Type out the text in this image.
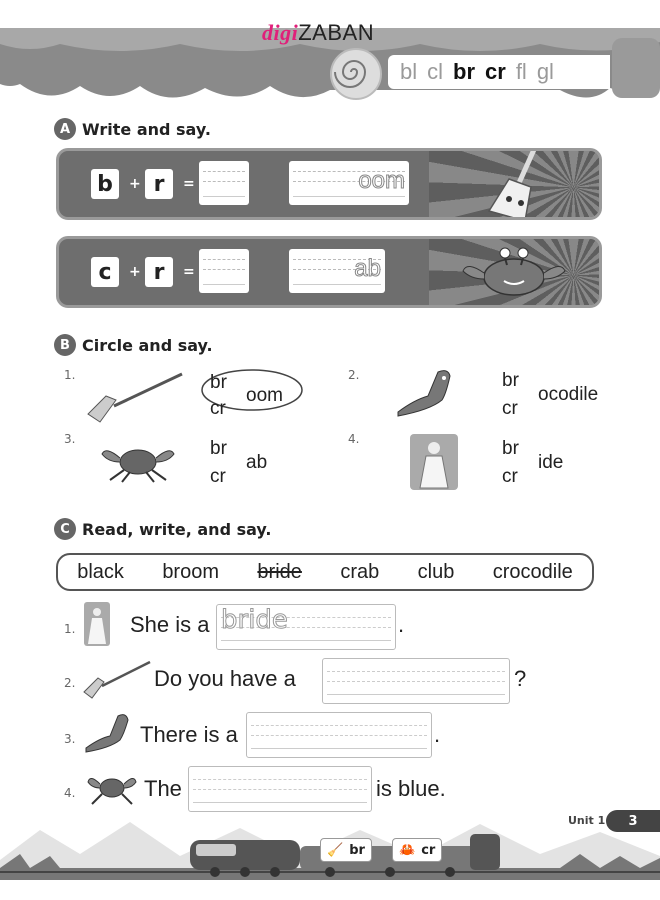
digiZABAN
bl cl br cr fl gl
A Write and say.
b	+ r	=	oom
c	+ r	=	ab
B Circle and say.
1.	br
cr
oom
2.	br
cr
ocodile
3.	br
cr
ab
4.	br
cr
ide
C Read, write, and say.
black broom bride crab club crocodile
1. She is a bride	.
2.	Do you have a	?
3.	There is a	.
4.	The	is blue.
🧹 br	🦀 cr
Unit 1	3
